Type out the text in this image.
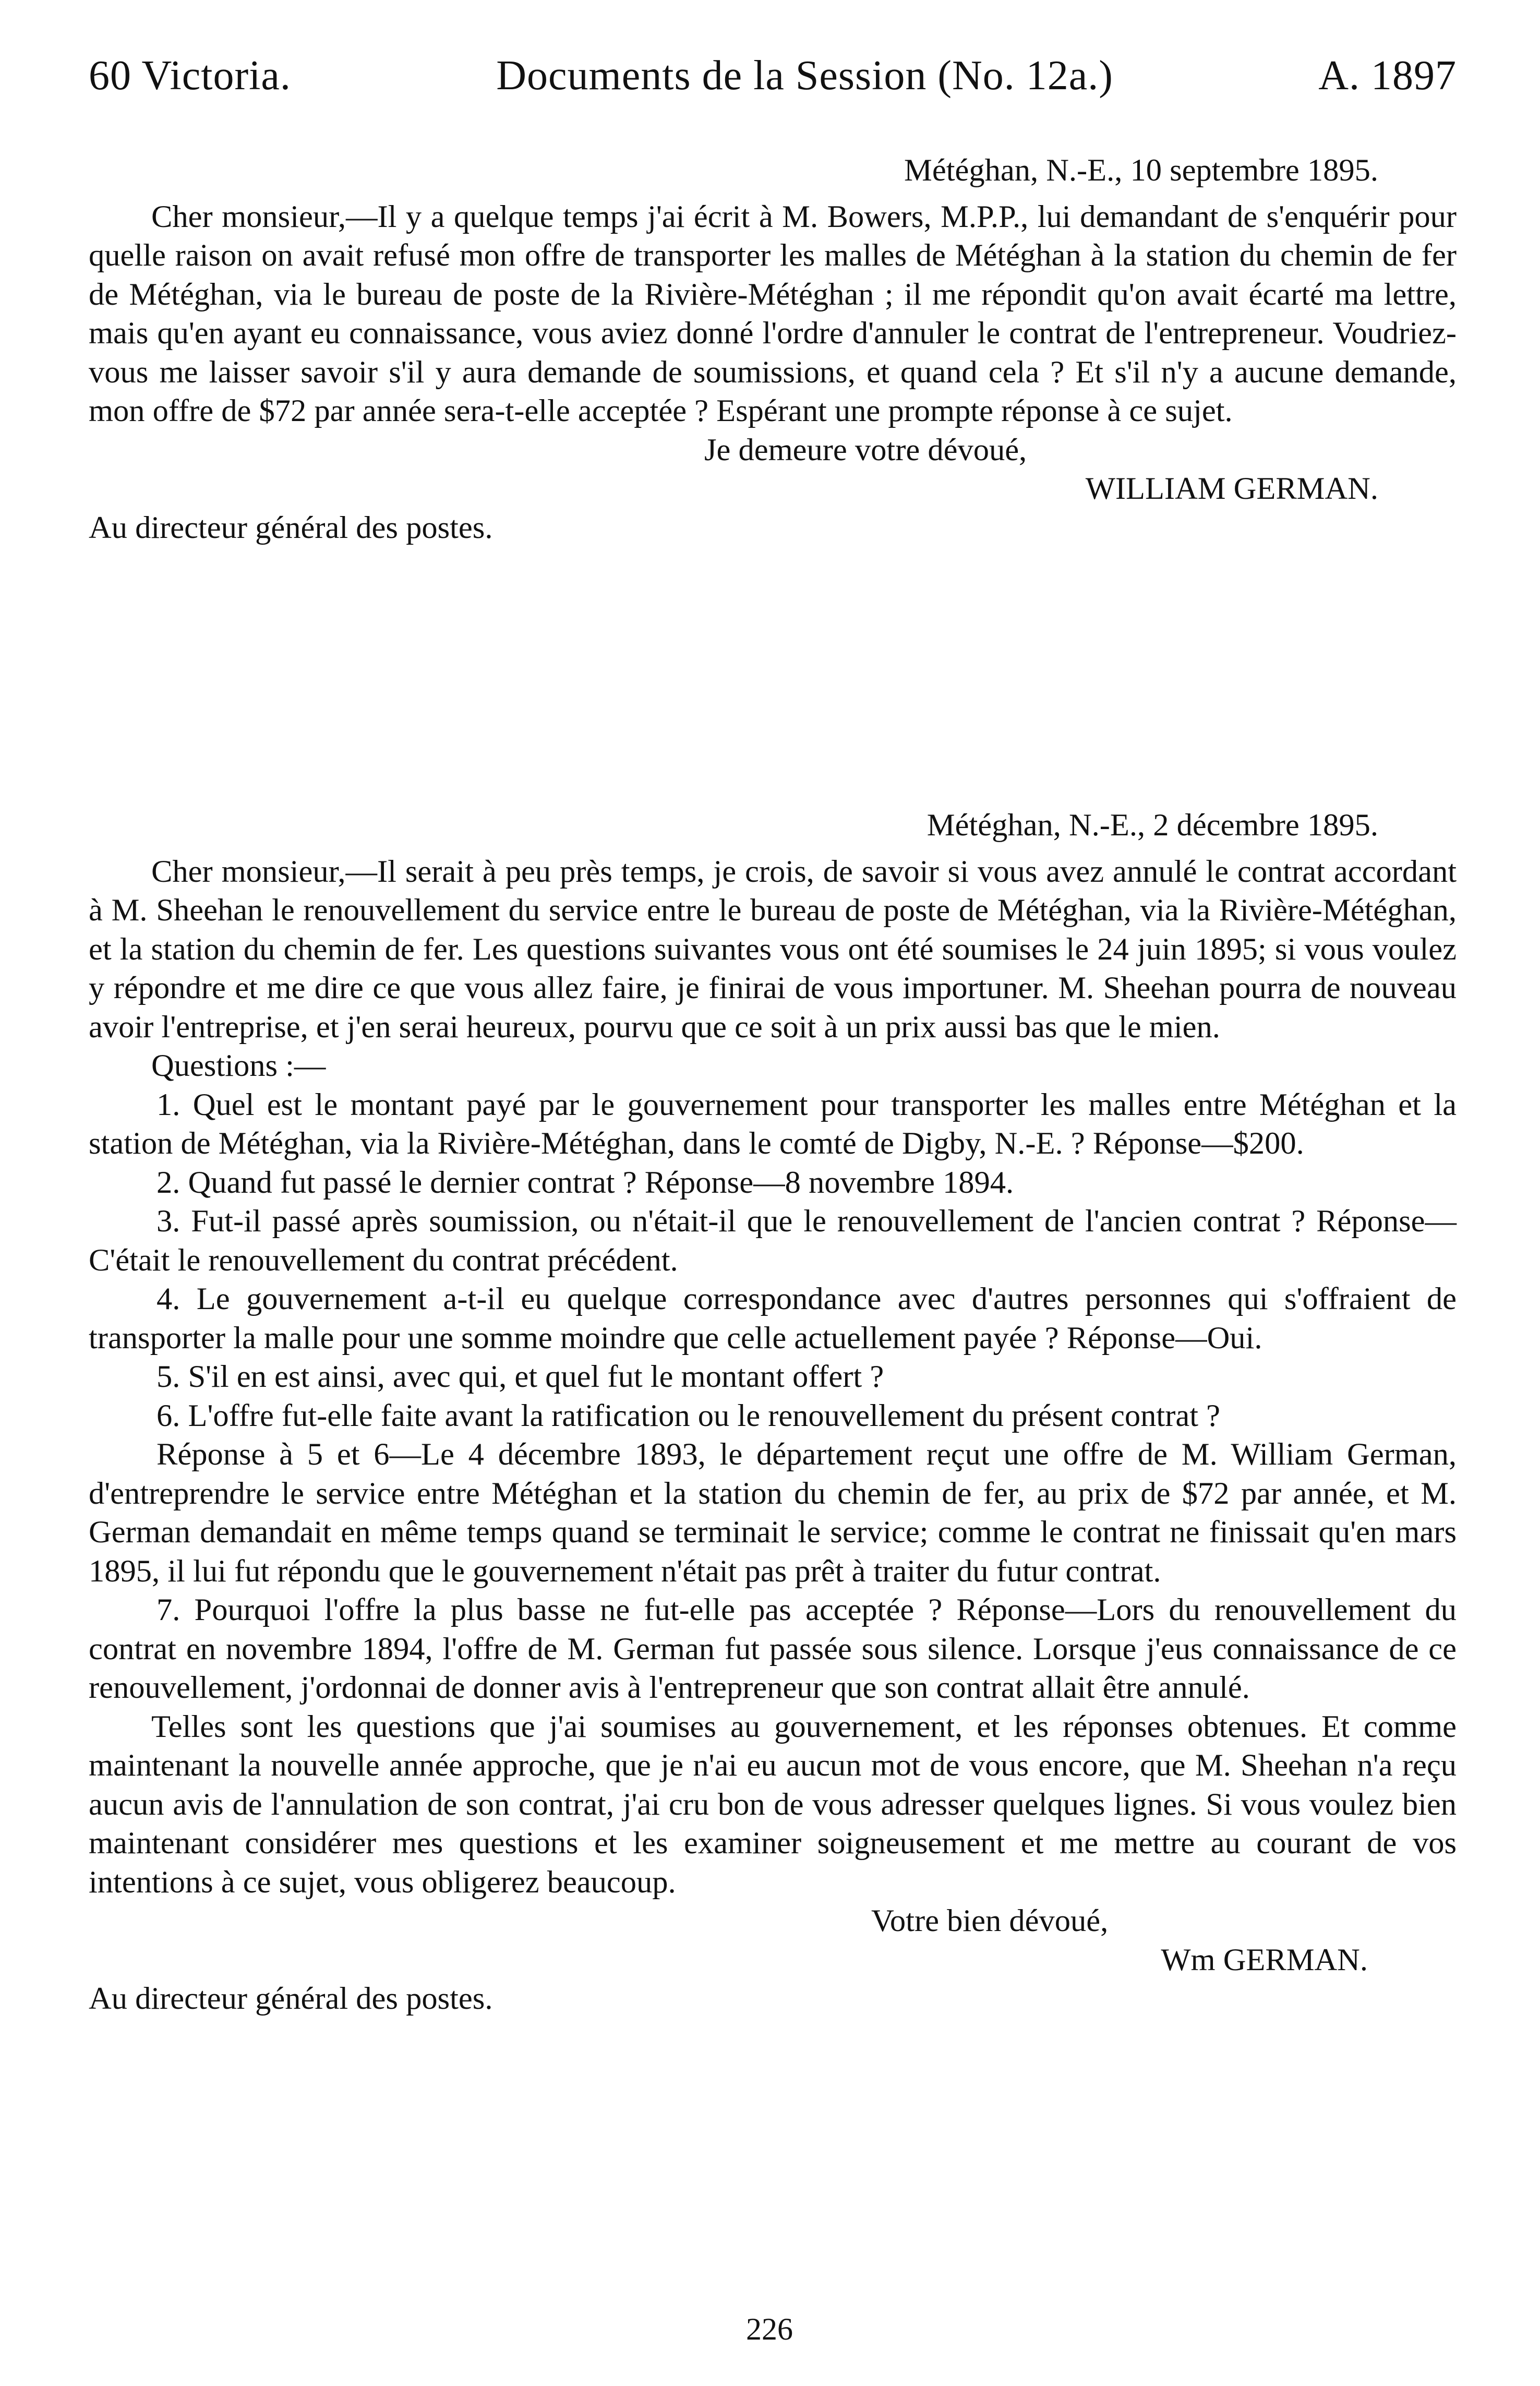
60 Victoria.	Documents de la Session (No. 12a.)	A. 1897

Météghan, N.-E., 10 septembre 1895.

Cher monsieur,—Il y a quelque temps j'ai écrit à M. Bowers, M.P.P., lui demandant de s'enquérir pour quelle raison on avait refusé mon offre de transporter les malles de Météghan à la station du chemin de fer de Météghan, via le bureau de poste de la Rivière-Météghan ; il me répondit qu'on avait écarté ma lettre, mais qu'en ayant eu connaissance, vous aviez donné l'ordre d'annuler le contrat de l'entrepreneur. Voudriez-vous me laisser savoir s'il y aura demande de soumissions, et quand cela ? Et s'il n'y a aucune demande, mon offre de $72 par année sera-t-elle acceptée ? Espérant une prompte réponse à ce sujet.

Je demeure votre dévoué,

WILLIAM GERMAN.

Au directeur général des postes.

Météghan, N.-E., 2 décembre 1895.

Cher monsieur,—Il serait à peu près temps, je crois, de savoir si vous avez annulé le contrat accordant à M. Sheehan le renouvellement du service entre le bureau de poste de Météghan, via la Rivière-Météghan, et la station du chemin de fer. Les questions suivantes vous ont été soumises le 24 juin 1895; si vous voulez y répondre et me dire ce que vous allez faire, je finirai de vous importuner. M. Sheehan pourra de nouveau avoir l'entreprise, et j'en serai heureux, pourvu que ce soit à un prix aussi bas que le mien.

Questions :—

1. Quel est le montant payé par le gouvernement pour transporter les malles entre Météghan et la station de Météghan, via la Rivière-Météghan, dans le comté de Digby, N.-E. ? Réponse—$200.

2. Quand fut passé le dernier contrat ? Réponse—8 novembre 1894.

3. Fut-il passé après soumission, ou n'était-il que le renouvellement de l'ancien contrat ? Réponse—C'était le renouvellement du contrat précédent.

4. Le gouvernement a-t-il eu quelque correspondance avec d'autres personnes qui s'offraient de transporter la malle pour une somme moindre que celle actuellement payée ? Réponse—Oui.

5. S'il en est ainsi, avec qui, et quel fut le montant offert ?

6. L'offre fut-elle faite avant la ratification ou le renouvellement du présent contrat ?

Réponse à 5 et 6—Le 4 décembre 1893, le département reçut une offre de M. William German, d'entreprendre le service entre Météghan et la station du chemin de fer, au prix de $72 par année, et M. German demandait en même temps quand se terminait le service; comme le contrat ne finissait qu'en mars 1895, il lui fut répondu que le gouvernement n'était pas prêt à traiter du futur contrat.

7. Pourquoi l'offre la plus basse ne fut-elle pas acceptée ? Réponse—Lors du renouvellement du contrat en novembre 1894, l'offre de M. German fut passée sous silence. Lorsque j'eus connaissance de ce renouvellement, j'ordonnai de donner avis à l'entrepreneur que son contrat allait être annulé.

Telles sont les questions que j'ai soumises au gouvernement, et les réponses obtenues. Et comme maintenant la nouvelle année approche, que je n'ai eu aucun mot de vous encore, que M. Sheehan n'a reçu aucun avis de l'annulation de son contrat, j'ai cru bon de vous adresser quelques lignes. Si vous voulez bien maintenant considérer mes questions et les examiner soigneusement et me mettre au courant de vos intentions à ce sujet, vous obligerez beaucoup.

Votre bien dévoué,

Wm GERMAN.

Au directeur général des postes.

226
